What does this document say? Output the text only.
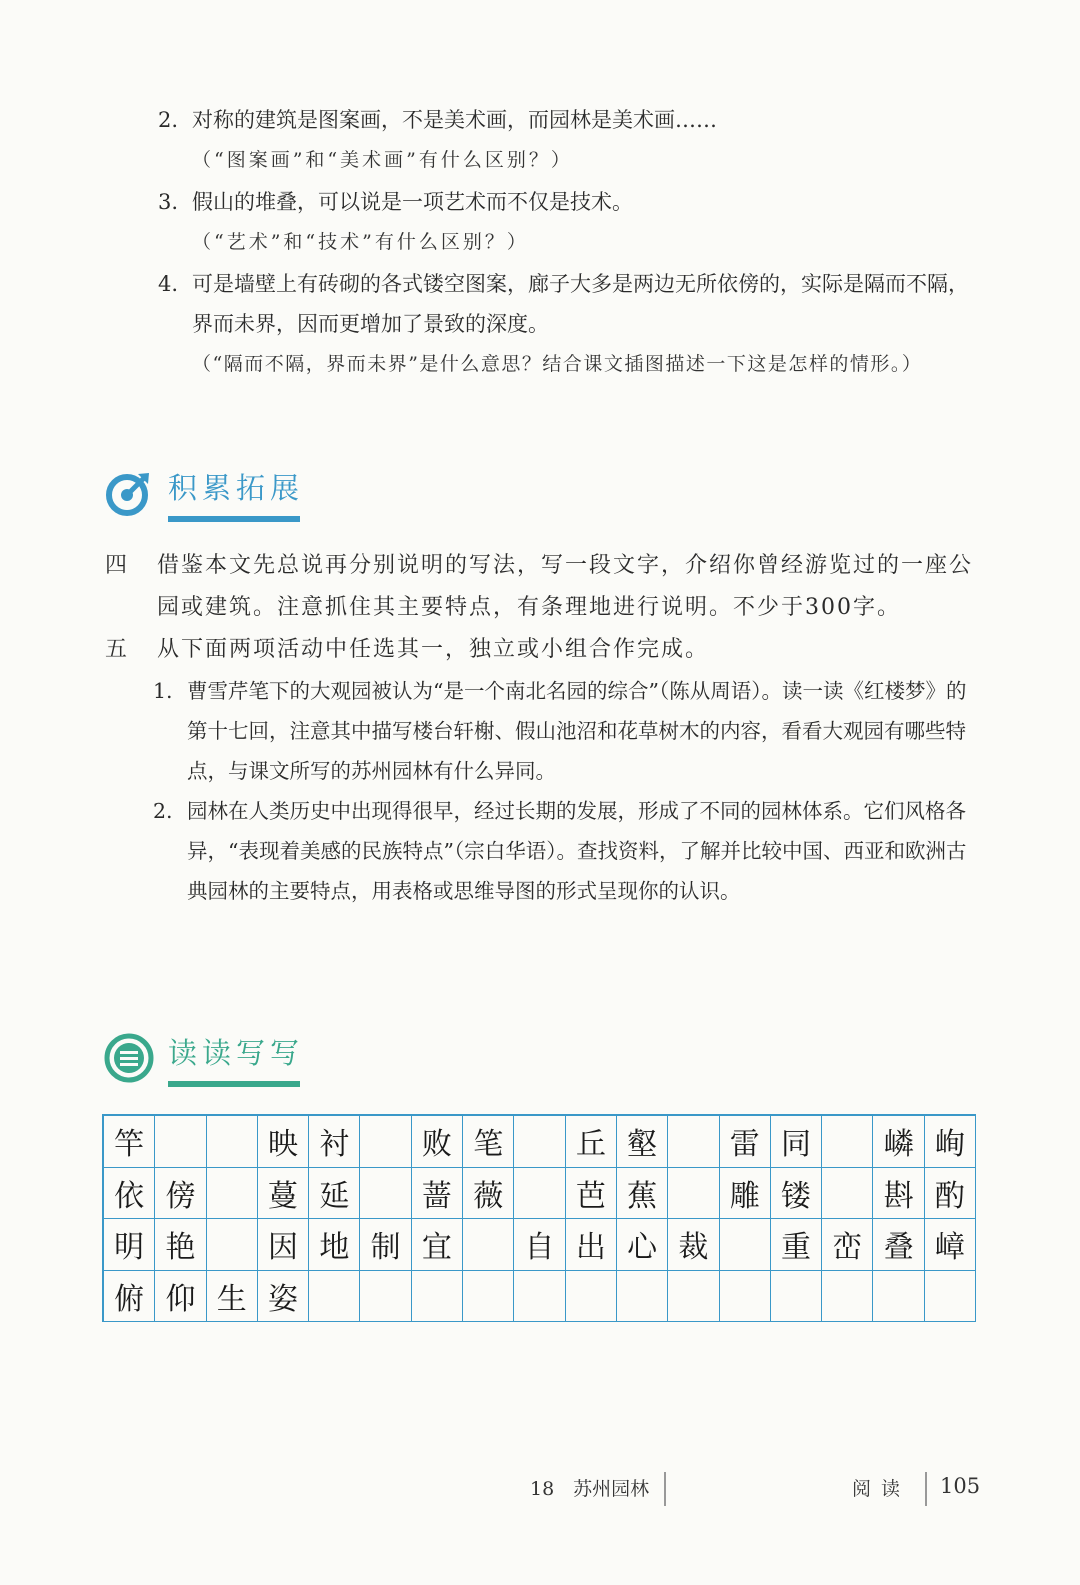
2. 对称的建筑是图案画，不是美术画，而园林是美术画……
（“图案画”和“美术画”有什么区别？）
3. 假山的堆叠，可以说是一项艺术而不仅是技术。
（“艺术”和“技术”有什么区别？）
4. 可是墙壁上有砖砌的各式镂空图案，廊子大多是两边无所依傍的，实际是隔而不隔，界而未界，因而更增加了景致的深度。
（“隔而不隔，界而未界”是什么意思？结合课文插图描述一下这是怎样的情形。）
积累拓展
四	借鉴本文先总说再分别说明的写法，写一段文字，介绍你曾经游览过的一座公园或建筑。注意抓住其主要特点，有条理地进行说明。不少于300字。
五	从下面两项活动中任选其一，独立或小组合作完成。
1. 曹雪芹笔下的大观园被认为“是一个南北名园的综合”（陈从周语）。读一读《红楼梦》的第十七回，注意其中描写楼台轩榭、假山池沼和花草树木的内容，看看大观园有哪些特点，与课文所写的苏州园林有什么异同。
2. 园林在人类历史中出现得很早，经过长期的发展，形成了不同的园林体系。它们风格各异，“表现着美感的民族特点”（宗白华语）。查找资料，了解并比较中国、西亚和欧洲古典园林的主要特点，用表格或思维导图的形式呈现你的认识。
读读写写
竿	映 衬	败 笔	丘 壑	雷 同	嶙 峋
依 傍	蔓 延	蔷 薇	芭 蕉	雕 镂	斟 酌
明 艳	因 地 制 宜	自 出 心 裁	重 峦 叠 嶂
俯 仰 生 姿
18　苏州园林	阅读 105
